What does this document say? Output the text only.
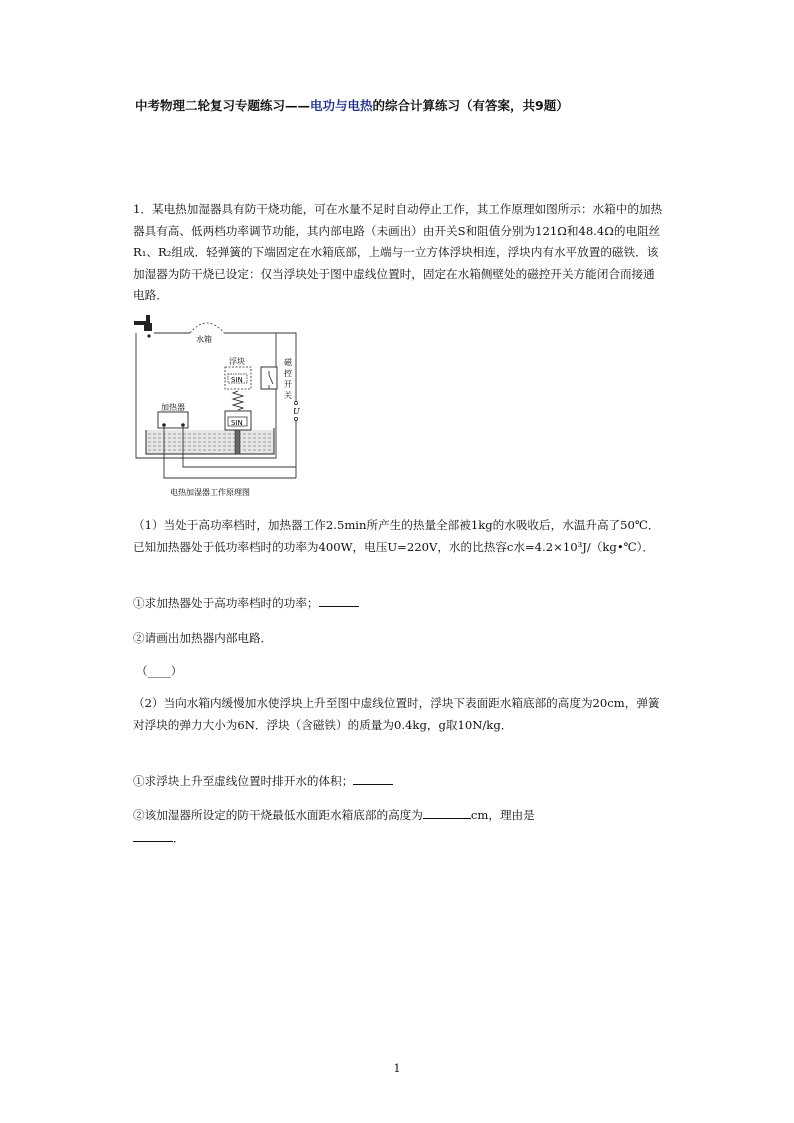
中考物理二轮复习专题练习——电功与电热的综合计算练习（有答案，共9题）

1．某电热加湿器具有防干烧功能，可在水量不足时自动停止工作，其工作原理如图所示：水箱中的加热器具有高、低两档功率调节功能，其内部电路（未画出）由开关S和阻值分别为121Ω和48.4Ω的电阻丝R₁、R₂组成．轻弹簧的下端固定在水箱底部，上端与一立方体浮块相连，浮块内有水平放置的磁铁．该加湿器为防干烧已设定：仅当浮块处于图中虚线位置时，固定在水箱侧壁处的磁控开关方能闭合而接通电路．

水箱
加热器
浮块
SIN
SIN
磁
控
开
关
U
电热加湿器工作原理图

（1）当处于高功率档时，加热器工作2.5min所产生的热量全部被1kg的水吸收后，水温升高了50℃．已知加热器处于低功率档时的功率为400W，电压U=220V，水的比热容c水=4.2×10³J/（kg•℃）．

①求加热器处于高功率档时的功率；
②请画出加热器内部电路．
（____）

（2）当向水箱内缓慢加水使浮块上升至图中虚线位置时，浮块下表面距水箱底部的高度为20cm，弹簧对浮块的弹力大小为6N．浮块（含磁铁）的质量为0.4kg，g取10N/kg．

①求浮块上升至虚线位置时排开水的体积；
②该加湿器所设定的防干烧最低水面距水箱底部的高度为	cm，理由是
．
1
